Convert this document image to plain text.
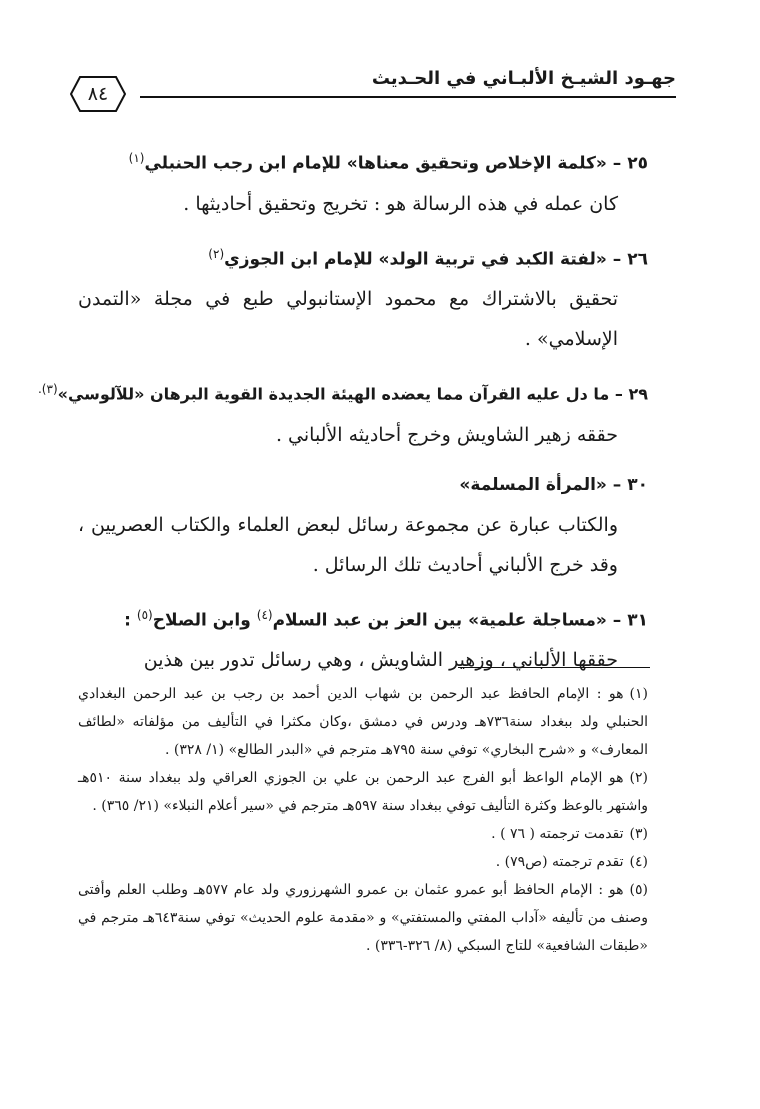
جهـود الشيـخ الألبـاني في الحـديث
٨٤
٢٥ – «كلمة الإخلاص وتحقيق معناها» للإمام ابن رجب الحنبلي$^{(١)}$
كان عمله في هذه الرسالة هو : تخريج وتحقيق أحاديثها .
٢٦ – «لفتة الكبد في تربية الولد» للإمام ابن الجوزي$^{(٢)}$
تحقيق بالاشتراك مع محمود الإستانبولي طبع في مجلة «التمدن الإسلامي» .
٢٩ – ما دل عليه القرآن مما يعضده الهيئة الجديدة القوية البرهان «للآلوسي»$^{(٣).}$
حققه زهير الشاويش وخرج أحاديثه الألباني .
٣٠ – «المرأة المسلمة»
والكتاب عبارة عن مجموعة رسائل لبعض العلماء والكتاب العصريين ، وقد خرج الألباني أحاديث تلك الرسائل .
٣١ – «مساجلة علمية» بين العز بن عبد السلام$^{(٤)}$ وابن الصلاح$^{(٥)}$ :
حققها الألباني ، وزهير الشاويش ، وهي رسائل تدور بين هذين
(١)هو : الإمام الحافظ عبد الرحمن بن شهاب الدين أحمد بن رجب بن عبد الرحمن البغدادي الحنبلي ولد ببغداد سنة٧٣٦هـ ودرس في دمشق ،وكان مكثرا في التأليف من مؤلفاته «لطائف المعارف» و «شرح البخاري» توفي سنة ٧٩٥هـ مترجم في «البدر الطالع» (١/ ٣٢٨) .
(٢)هو الإمام الواعظ أبو الفرج عبد الرحمن بن علي بن الجوزي العراقي ولد ببغداد سنة ٥١٠هـ واشتهر بالوعظ وكثرة التأليف توفي ببغداد سنة ٥٩٧هـ مترجم في «سير أعلام النبلاء» (٢١/ ٣٦٥) .
(٣)تقدمت ترجمته ( ٧٦ ) .
(٤)تقدم ترجمته (ص٧٩) .
(٥)هو : الإمام الحافظ أبو عمرو عثمان بن عمرو الشهرزوري ولد عام ٥٧٧هـ وطلب العلم وأفتى وصنف من تأليفه «آداب المفتي والمستفتي» و «مقدمة علوم الحديث» توفي سنة٦٤٣هـ مترجم في «طبقات الشافعية» للتاج السبكي (٨/ ٣٢٦-٣٣٦) .
